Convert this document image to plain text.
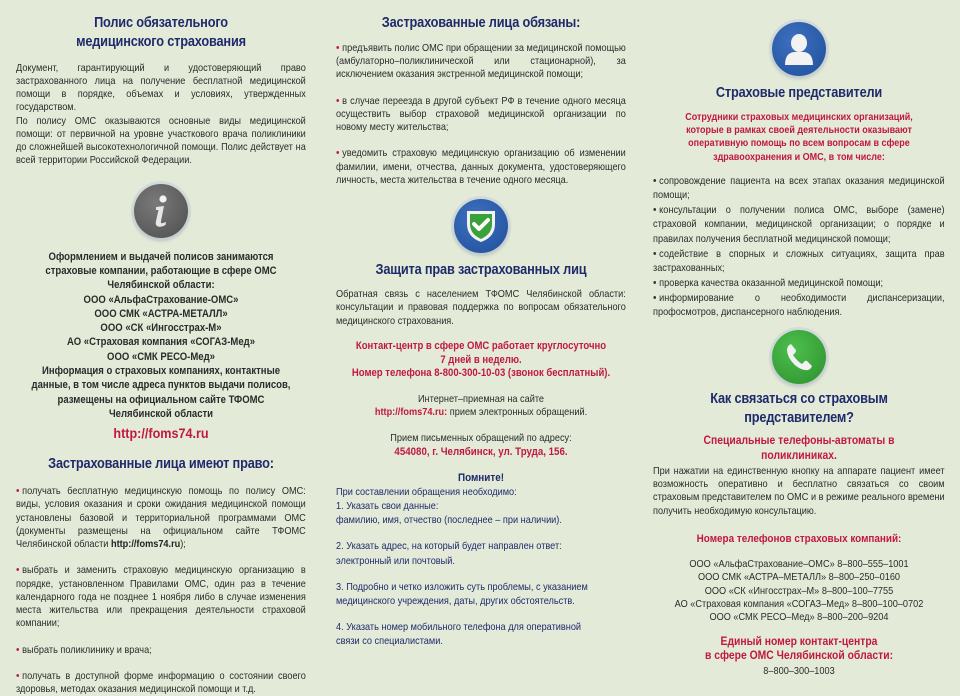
Полис обязательного
медицинского страхования
Документ, гарантирующий и удостоверяющий право застрахованного лица на получение бесплатной медицинской помощи в порядке, объемах и условиях, утвержденных государством.
По полису ОМС оказываются основные виды медицинской помощи: от первичной на уровне участкового врача поликлиники до сложнейшей высокотехнологичной помощи. Полис действует на всей территории Российской Федерации.
Оформлением и выдачей полисов занимаются страховые компании, работающие в сфере ОМС Челябинской области:
ООО «АльфаСтрахование-ОМС»
ООО СМК «АСТРА-МЕТАЛЛ»
ООО «СК «Ингосстрах-М»
АО «Страховая компания «СОГАЗ-Мед»
ООО «СМК РЕСО-Мед»
Информация о страховых компаниях, контактные данные, в том числе адреса пунктов выдачи полисов, размещены на официальном сайте ТФОМС Челябинской области
http://foms74.ru
Застрахованные лица имеют право:
• получать бесплатную медицинскую помощь по полису ОМС: виды, условия оказания и сроки ожидания медицинской помощи установлены базовой и территориальной программами ОМС (документы размещены на официальном сайте ТФОМС Челябинской области http://foms74.ru);
• выбрать и заменить страховую медицинскую организацию в порядке, установленном Правилами ОМС, один раз в течение календарного года не позднее 1 ноября либо в случае изменения места жительства или прекращения деятельности страховой компании;
• выбрать поликлинику и врача;
• получать в доступной форме информацию о состоянии своего здоровья, методах оказания медицинской помощи и т.д.
Застрахованные лица обязаны:
• предъявить полис ОМС при обращении за медицинской помощью (амбулаторно–поликлинической или стационарной), за исключением оказания экстренной медицинской помощи;
• в случае переезда в другой субъект РФ в течение одного месяца осуществить выбор страховой медицинской организации по новому месту жительства;
• уведомить страховую медицинскую организацию об изменении фамилии, имени, отчества, данных документа, удостоверяющего личность, места жительства в течение одного месяца.
Защита прав застрахованных лиц
Обратная связь с населением ТФОМС Челябинской области: консультации и правовая поддержка по вопросам обязательного медицинского страхования.
Контакт-центр в сфере ОМС работает круглосуточно
7 дней в неделю.
Номер телефона 8-800-300-10-03 (звонок бесплатный).
Интернет–приемная на сайте
http://foms74.ru: прием электронных обращений.
Прием письменных обращений по адресу:
454080, г. Челябинск, ул. Труда, 156.
Помните!
При составлении обращения необходимо:
1. Указать свои данные:
фамилию, имя, отчество (последнее – при наличии).
2. Указать адрес, на который будет направлен ответ:
электронный или почтовый.
3. Подробно и четко изложить суть проблемы, с указанием
медицинского учреждения, даты, других обстоятельств.
4. Указать номер мобильного телефона для оперативной
связи со специалистами.
Страховые представители
Сотрудники страховых медицинских организаций, которые в рамках своей деятельности оказывают оперативную помощь по всем вопросам в сфере здравоохранения и ОМС, в том числе:
• сопровождение пациента на всех этапах оказания медицинской помощи;
• консультации о получении полиса ОМС, выборе (замене) страховой компании, медицинской организации; о порядке и правилах получения бесплатной медицинской помощи;
• содействие в спорных и сложных ситуациях, защита прав застрахованных;
• проверка качества оказанной медицинской помощи;
• информирование о необходимости диспансеризации, профосмотров, диспансерного наблюдения.
Как связаться со страховым представителем?
Специальные телефоны-автоматы в поликлиниках.
При нажатии на единственную кнопку на аппарате пациент имеет возможность оперативно и бесплатно связаться со своим страховым представителем по ОМС и в режиме реального времени получить необходимую консультацию.
Номера телефонов страховых компаний:
ООО «АльфаСтрахование–ОМС» 8–800–555–1001
ООО СМК «АСТРА–МЕТАЛЛ» 8–800–250–0160
ООО «СК «Ингосстрах–М» 8–800–100–7755
АО «Страховая компания «СОГАЗ–Мед» 8–800–100–0702
ООО «СМК РЕСО–Мед» 8–800–200–9204
Единый номер контакт-центра
в сфере ОМС Челябинской области:
8–800–300–1003
